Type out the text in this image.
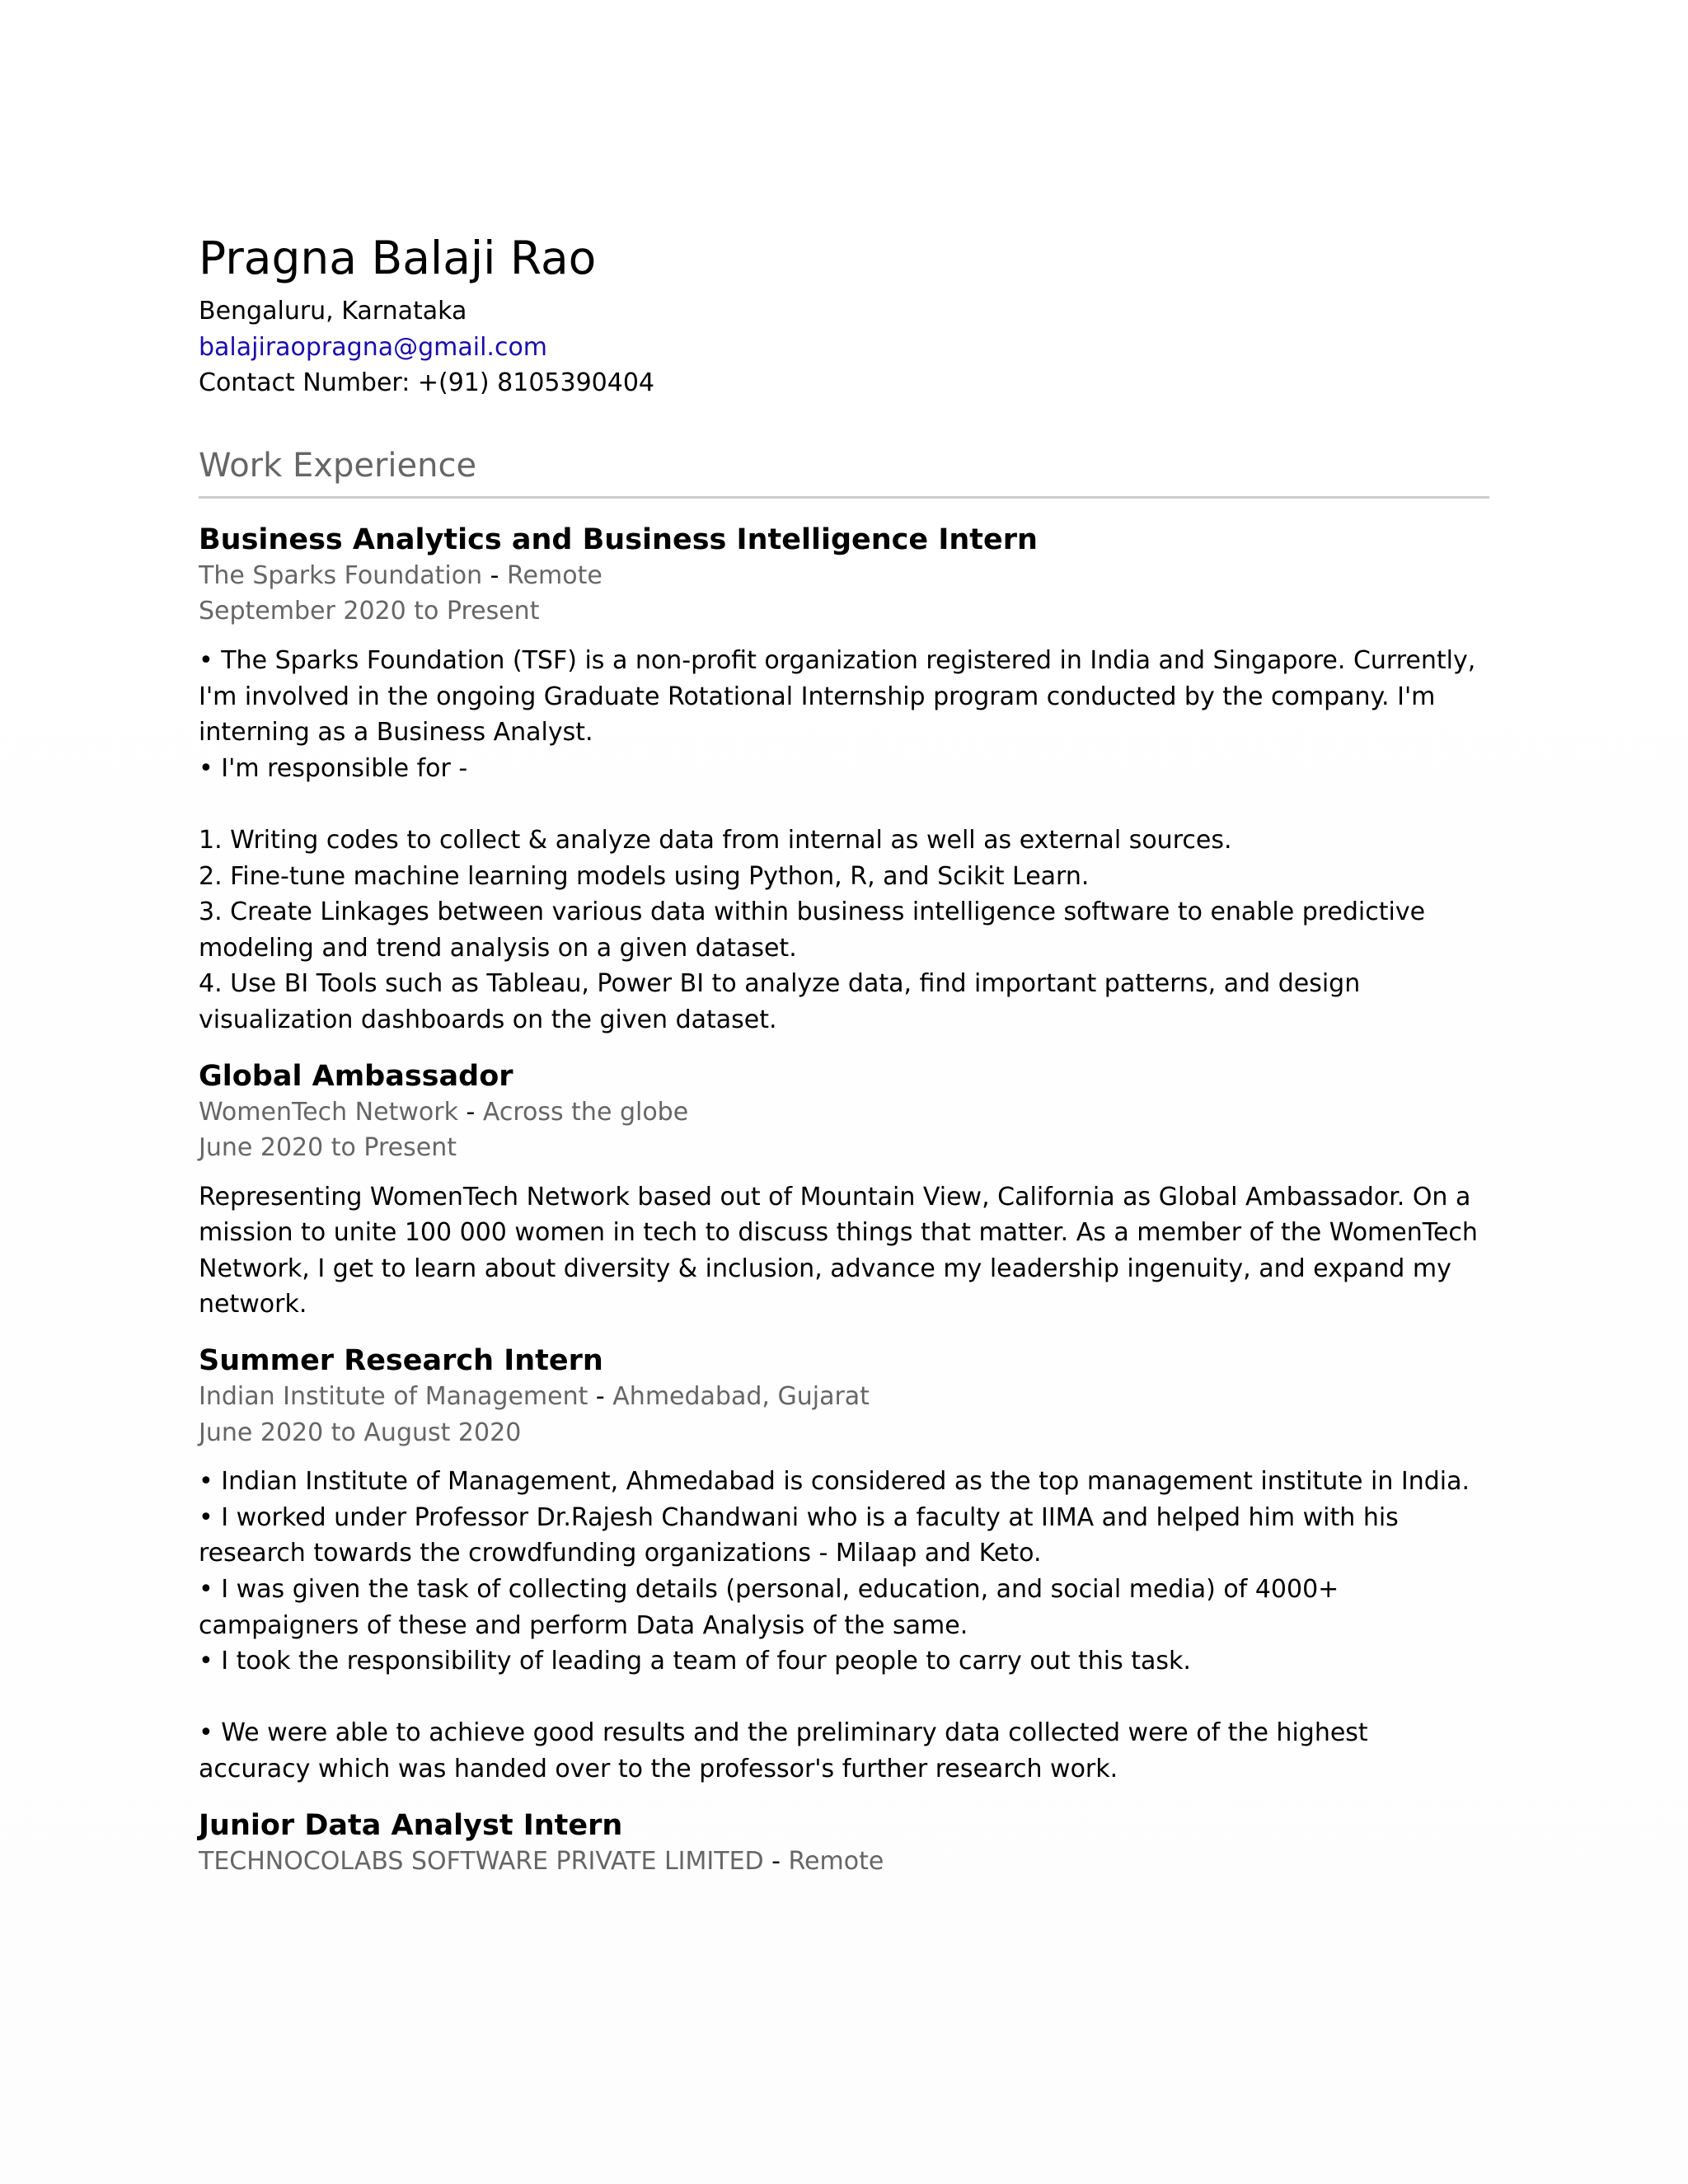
Pragna Balaji Rao
Bengaluru, Karnataka
balajiraopragna@gmail.com
Contact Number: +(91) 8105390404
Work Experience
Business Analytics and Business Intelligence Intern
The Sparks Foundation - Remote
September 2020 to Present

• The Sparks Foundation (TSF) is a non-profit organization registered in India and Singapore. Currently,

I'm involved in the ongoing Graduate Rotational Internship program conducted by the company. I'm

interning as a Business Analyst.

• I'm responsible for -

1. Writing codes to collect & analyze data from internal as well as external sources.

2. Fine-tune machine learning models using Python, R, and Scikit Learn.

3. Create Linkages between various data within business intelligence software to enable predictive

modeling and trend analysis on a given dataset.

4. Use BI Tools such as Tableau, Power BI to analyze data, find important patterns, and design

visualization dashboards on the given dataset.

Global Ambassador
WomenTech Network - Across the globe
June 2020 to Present

Representing WomenTech Network based out of Mountain View, California as Global Ambassador. On a

mission to unite 100 000 women in tech to discuss things that matter. As a member of the WomenTech

Network, I get to learn about diversity & inclusion, advance my leadership ingenuity, and expand my

network.

Summer Research Intern
Indian Institute of Management - Ahmedabad, Gujarat
June 2020 to August 2020

• Indian Institute of Management, Ahmedabad is considered as the top management institute in India.

• I worked under Professor Dr.Rajesh Chandwani who is a faculty at IIMA and helped him with his

research towards the crowdfunding organizations - Milaap and Keto.

• I was given the task of collecting details (personal, education, and social media) of 4000+

campaigners of these and perform Data Analysis of the same.

• I took the responsibility of leading a team of four people to carry out this task.

• We were able to achieve good results and the preliminary data collected were of the highest

accuracy which was handed over to the professor's further research work.

Junior Data Analyst Intern
TECHNOCOLABS SOFTWARE PRIVATE LIMITED - Remote
